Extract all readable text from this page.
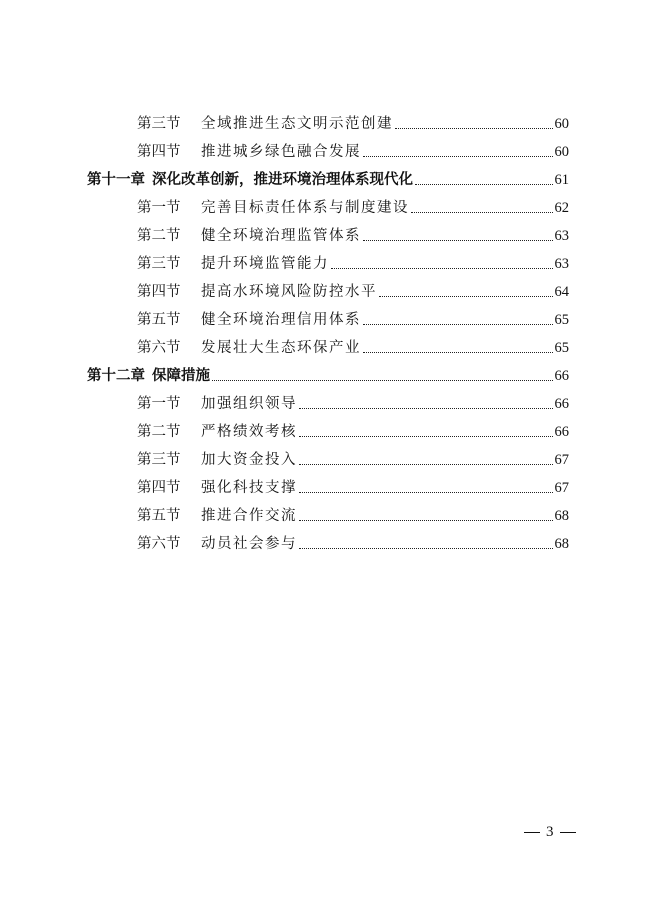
第三节	全域推进生态文明示范创建	60
第四节	推进城乡绿色融合发展	60
第十一章 深化改革创新，推进环境治理体系现代化	61
第一节	完善目标责任体系与制度建设	62
第二节	健全环境治理监管体系	63
第三节	提升环境监管能力	63
第四节	提高水环境风险防控水平	64
第五节	健全环境治理信用体系	65
第六节	发展壮大生态环保产业	65
第十二章 保障措施	66
第一节	加强组织领导	66
第二节	严格绩效考核	66
第三节	加大资金投入	67
第四节	强化科技支撑	67
第五节	推进合作交流	68
第六节	动员社会参与	68
3
